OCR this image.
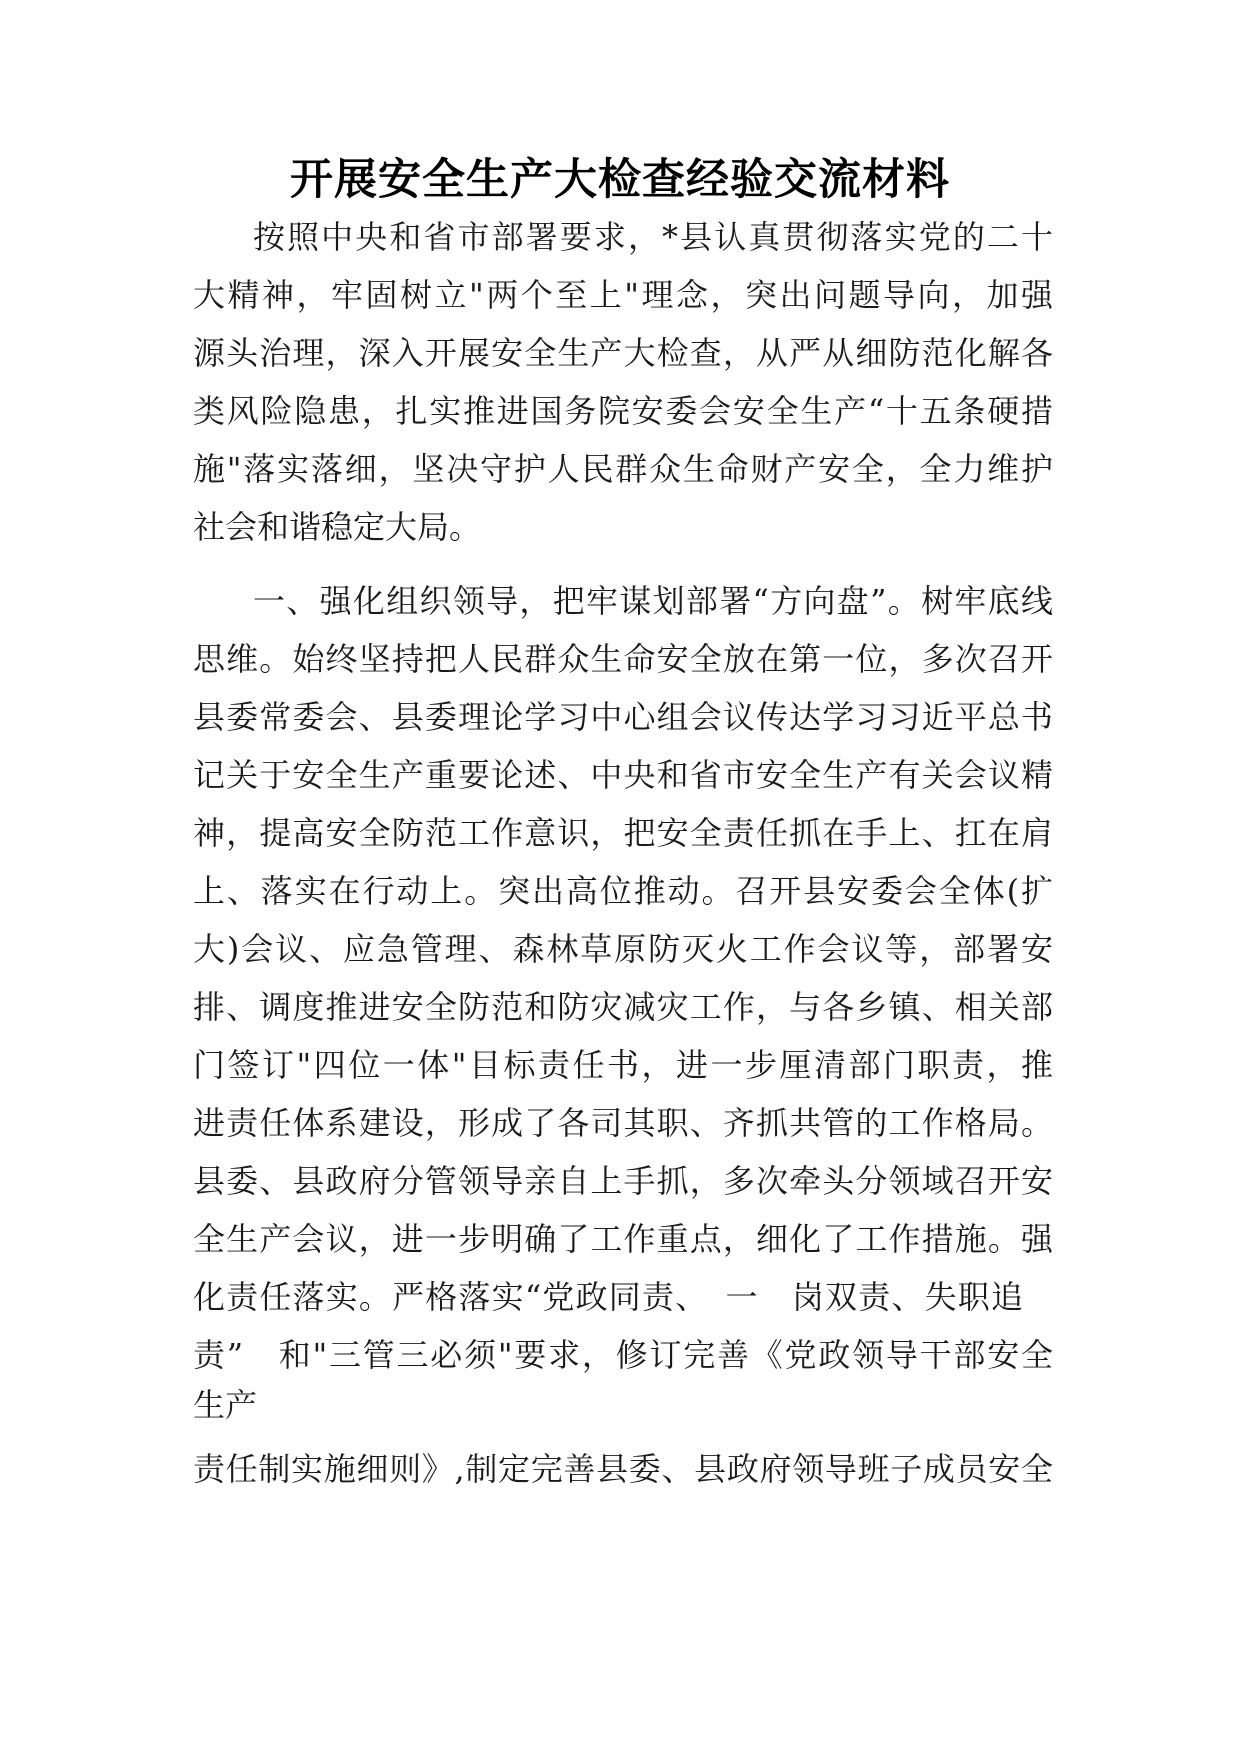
开展安全生产大检查经验交流材料
按照中央和省市部署要求，*县认真贯彻落实党的二十
大精神，牢固树立"两个至上"理念，突出问题导向，加强
源头治理，深入开展安全生产大检查，从严从细防范化解各
类风险隐患，扎实推进国务院安委会安全生产“十五条硬措
施"落实落细，坚决守护人民群众生命财产安全，全力维护
社会和谐稳定大局。
一、强化组织领导，把牢谋划部署“方向盘”。树牢底线
思维。始终坚持把人民群众生命安全放在第一位，多次召开
县委常委会、县委理论学习中心组会议传达学习习近平总书
记关于安全生产重要论述、中央和省市安全生产有关会议精
神，提高安全防范工作意识，把安全责任抓在手上、扛在肩
上、落实在行动上。突出高位推动。召开县安委会全体(扩
大)会议、应急管理、森林草原防灭火工作会议等，部署安
排、调度推进安全防范和防灾减灾工作，与各乡镇、相关部
门签订"四位一体"目标责任书，进一步厘清部门职责，推
进责任体系建设，形成了各司其职、齐抓共管的工作格局。
县委、县政府分管领导亲自上手抓，多次牵头分领域召开安
全生产会议，进一步明确了工作重点，细化了工作措施。强
化责任落实。严格落实“党政同责、　一　岗双责、失职追
责”　和"三管三必须"要求，修订完善《党政领导干部安全
生产
责任制实施细则》,制定完善县委、县政府领导班子成员安全
